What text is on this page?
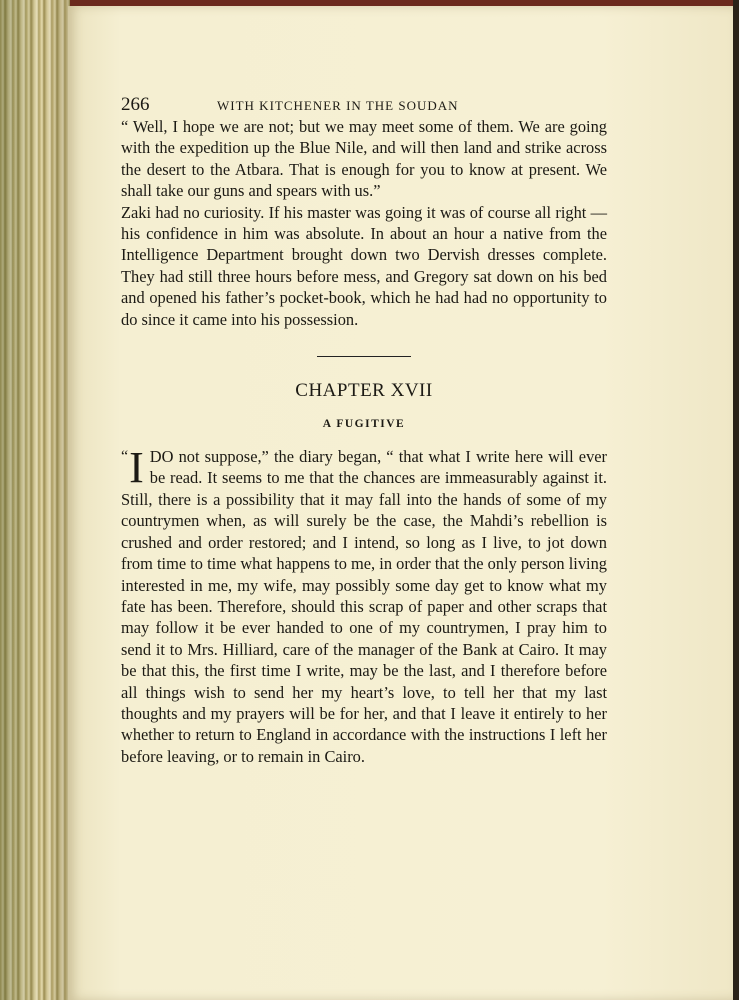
266	WITH KITCHENER IN THE SOUDAN

“ Well, I hope we are not; but we may meet some of them. We are going with the expedition up the Blue Nile, and will then land and strike across the desert to the Atbara. That is enough for you to know at present. We shall take our guns and spears with us.”

Zaki had no curiosity. If his master was going it was of course all right — his confidence in him was absolute. In about an hour a native from the Intelligence Department brought down two Dervish dresses complete. They had still three hours before mess, and Gregory sat down on his bed and opened his father’s pocket-book, which he had had no opportunity to do since it came into his possession.

CHAPTER XVII
A FUGITIVE
“ I DO not suppose,” the diary began, “ that what I write here will ever be read. It seems to me that the chances are immeasurably against it. Still, there is a possibility that it may fall into the hands of some of my countrymen when, as will surely be the case, the Mahdi’s rebellion is crushed and order restored; and I intend, so long as I live, to jot down from time to time what happens to me, in order that the only person living interested in me, my wife, may possibly some day get to know what my fate has been. Therefore, should this scrap of paper and other scraps that may follow it be ever handed to one of my countrymen, I pray him to send it to Mrs. Hilliard, care of the manager of the Bank at Cairo. It may be that this, the first time I write, may be the last, and I therefore before all things wish to send her my heart’s love, to tell her that my last thoughts and my prayers will be for her, and that I leave it entirely to her whether to return to England in accordance with the instructions I left her before leaving, or to remain in Cairo.
